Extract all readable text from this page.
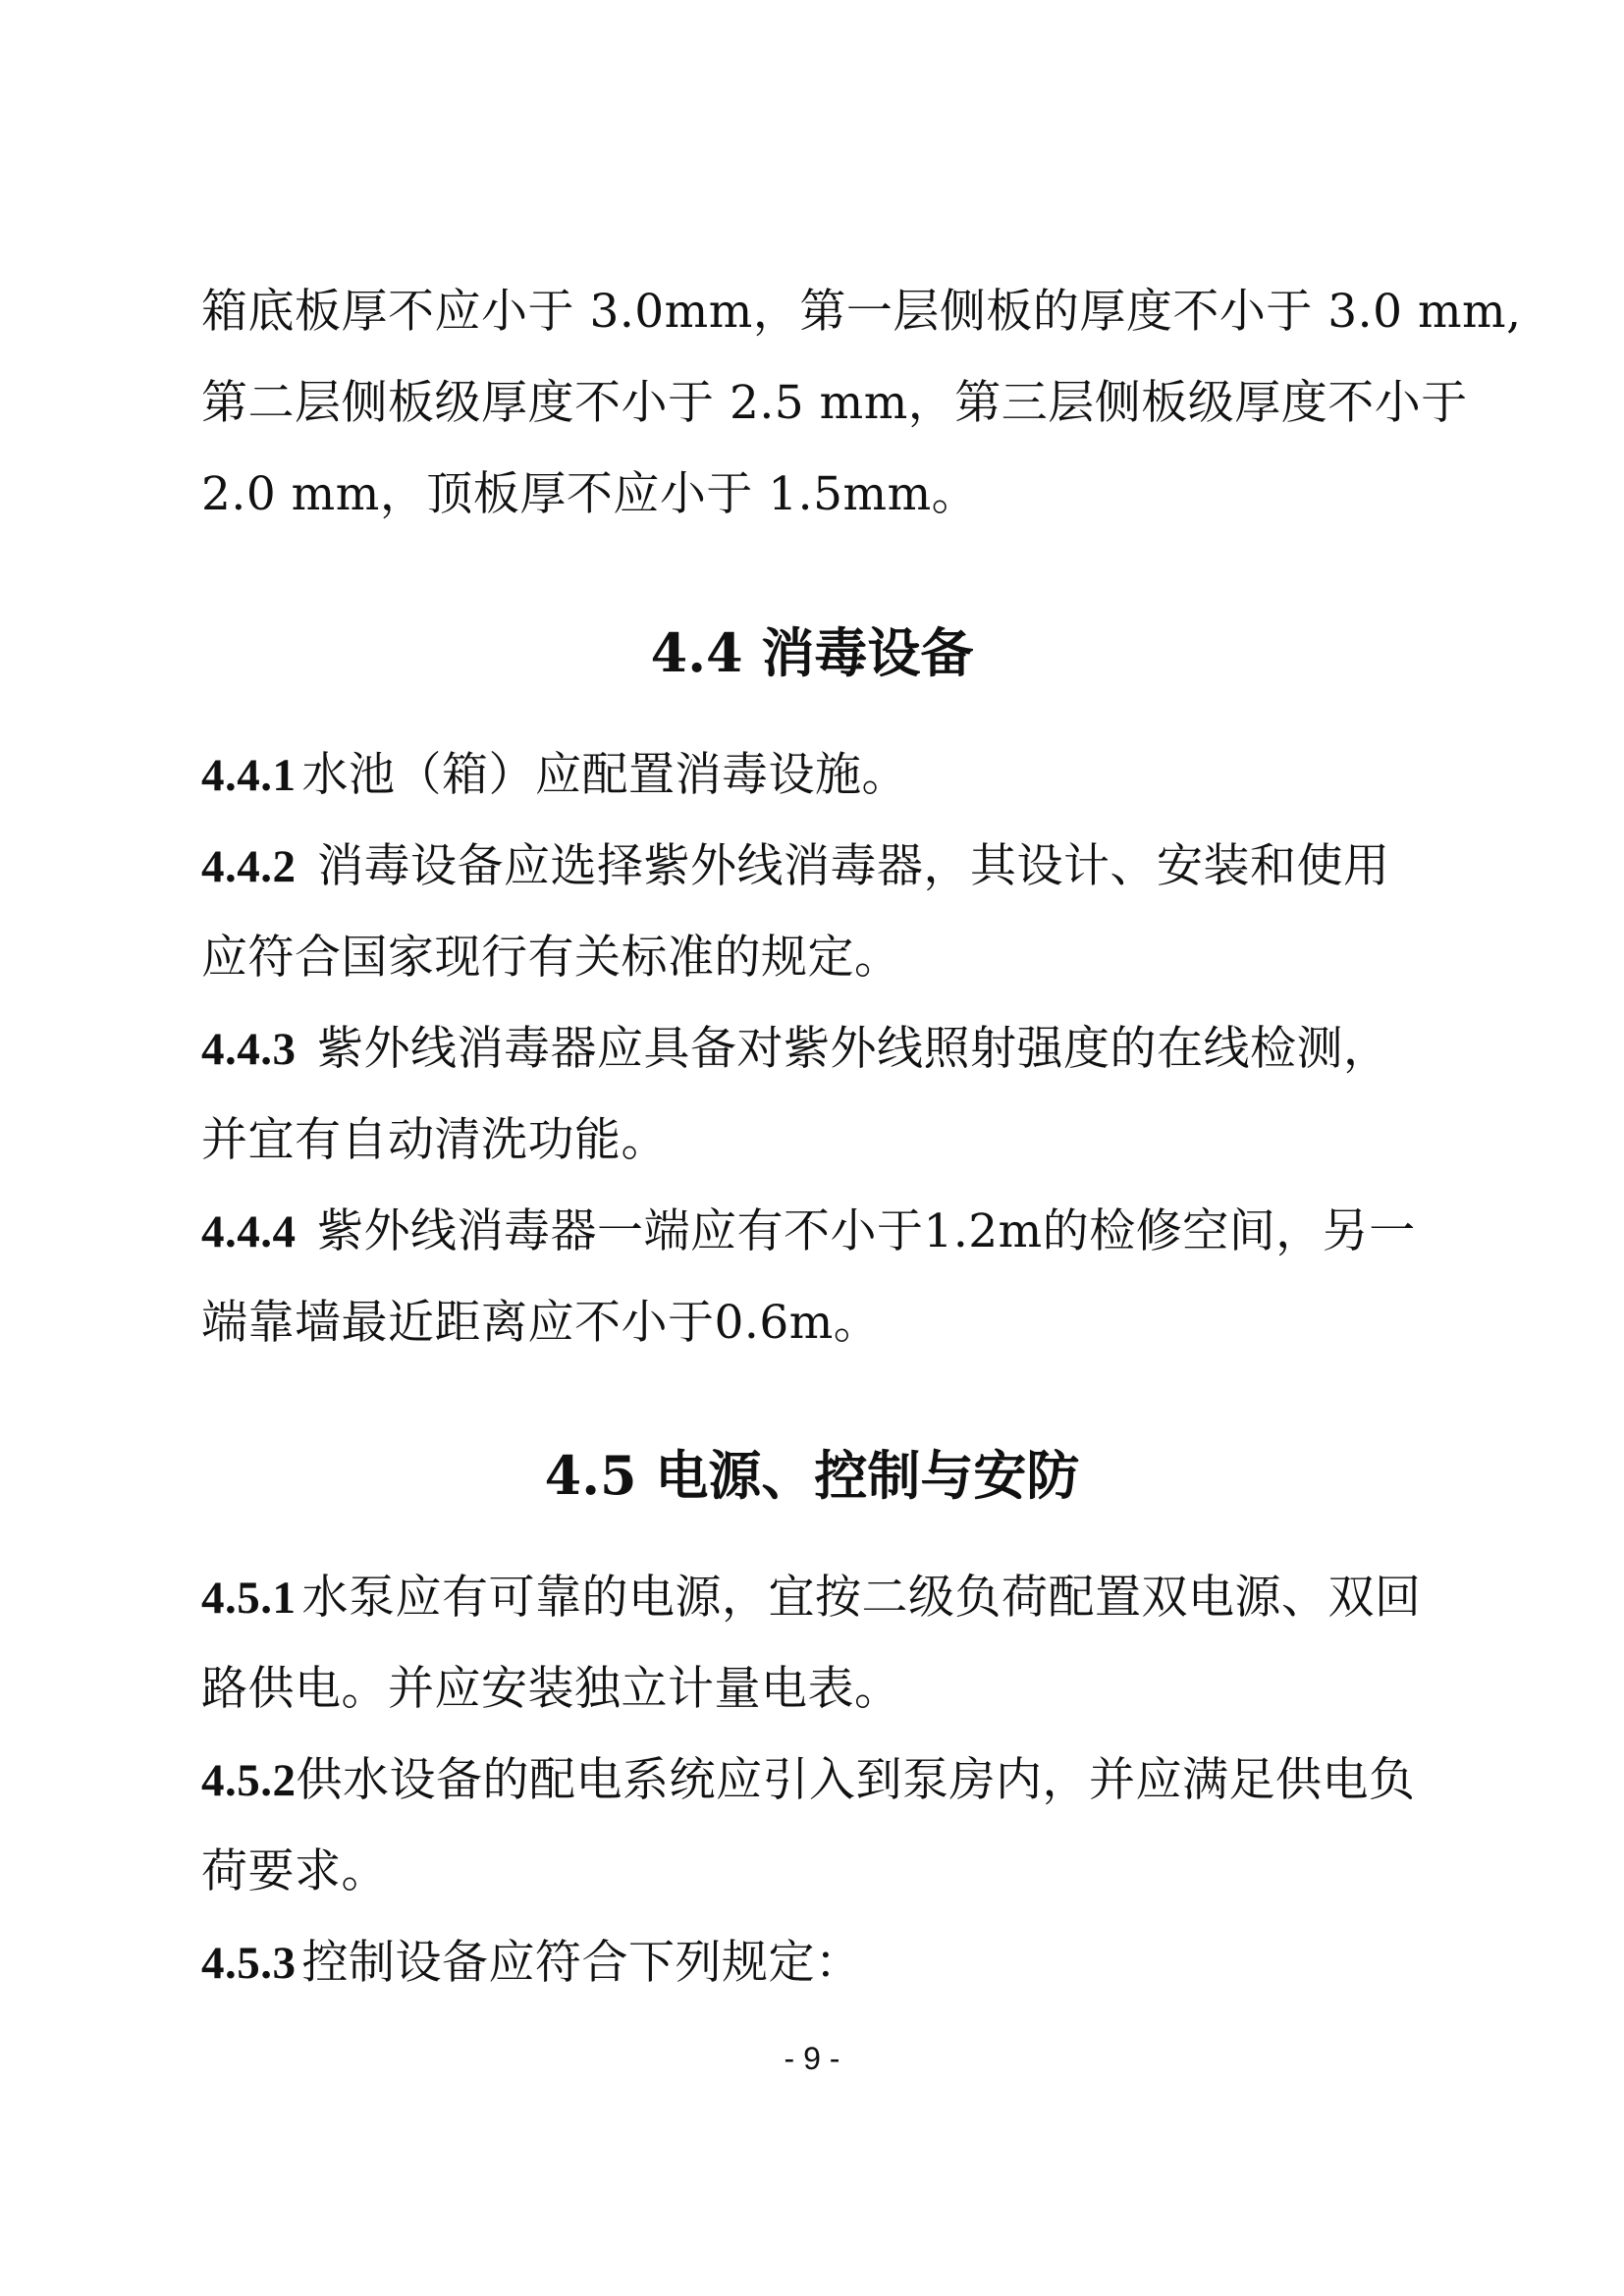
箱底板厚不应小于 3.0mm，第一层侧板的厚度不小于 3.0 mm,
第二层侧板级厚度不小于 2.5 mm，第三层侧板级厚度不小于
2.0 mm，顶板厚不应小于 1.5mm。
4.4 消毒设备
4.4.1 水池（箱）应配置消毒设施。
4.4.2 消毒设备应选择紫外线消毒器，其设计、安装和使用
应符合国家现行有关标准的规定。
4.4.3 紫外线消毒器应具备对紫外线照射强度的在线检测，
并宜有自动清洗功能。
4.4.4 紫外线消毒器一端应有不小于1.2m的检修空间，另一
端靠墙最近距离应不小于0.6m。
4.5 电源、控制与安防
4.5.1 水泵应有可靠的电源，宜按二级负荷配置双电源、双回
路供电。并应安装独立计量电表。
4.5.2供水设备的配电系统应引入到泵房内，并应满足供电负
荷要求。
4.5.3 控制设备应符合下列规定：
- 9 -
